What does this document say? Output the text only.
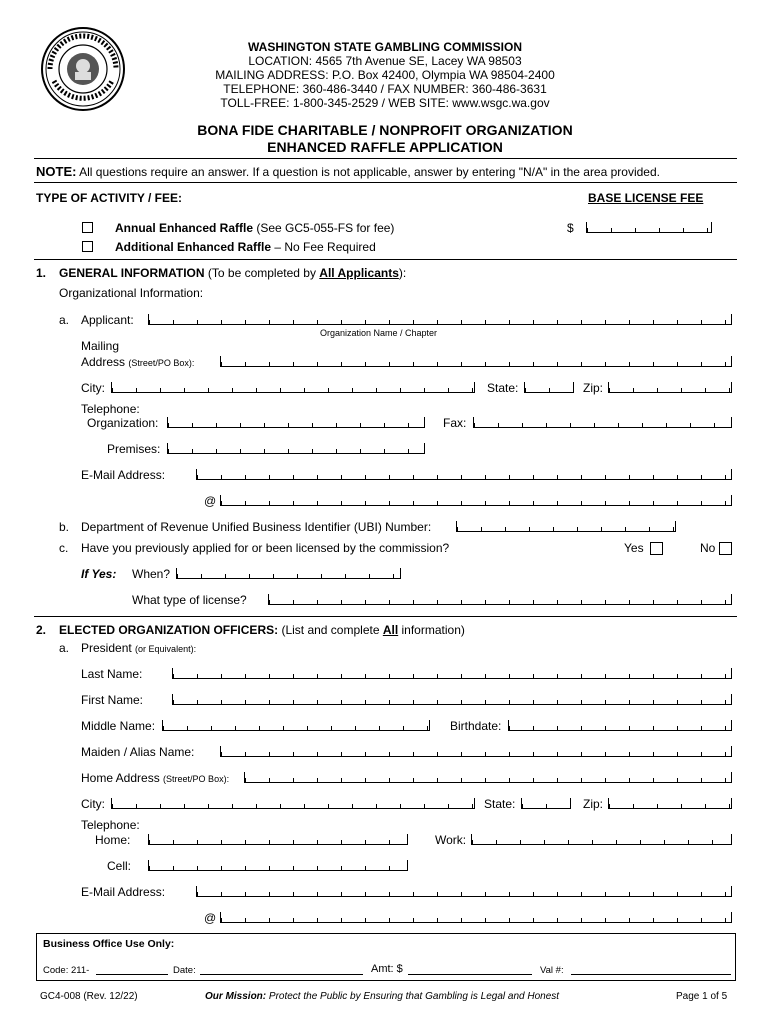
WASHINGTON STATE GAMBLING COMMISSION
LOCATION: 4565 7th Avenue SE, Lacey WA 98503
MAILING ADDRESS: P.O. Box 42400, Olympia WA 98504-2400
TELEPHONE: 360-486-3440 / FAX NUMBER: 360-486-3631
TOLL-FREE: 1-800-345-2529 / WEB SITE: www.wsgc.wa.gov
BONA FIDE CHARITABLE / NONPROFIT ORGANIZATION
ENHANCED RAFFLE APPLICATION
NOTE: All questions require an answer. If a question is not applicable, answer by entering "N/A" in the area provided.
TYPE OF ACTIVITY / FEE:	BASE LICENSE FEE
Annual Enhanced Raffle (See GC5-055-FS for fee)	$
Additional Enhanced Raffle – No Fee Required
1. GENERAL INFORMATION (To be completed by All Applicants):
Organizational Information:
a. Applicant:
Organization Name / Chapter
Mailing
Address (Street/PO Box):
City:	State:	Zip:
Telephone:
Organization:	Fax:
Premises:
E-Mail Address:
@
b. Department of Revenue Unified Business Identifier (UBI) Number:
c. Have you previously applied for or been licensed by the commission?	Yes	No
If Yes: When?
What type of license?
2. ELECTED ORGANIZATION OFFICERS: (List and complete All information)
a. President (or Equivalent):
Last Name:
First Name:
Middle Name:	Birthdate:
Maiden / Alias Name:
Home Address (Street/PO Box):
City:	State:	Zip:
Telephone:
Home:	Work:
Cell:
E-Mail Address:
@
Business Office Use Only:
Code: 211-	Date:	Amt: $	Val #:
GC4-008 (Rev. 12/22)	Our Mission: Protect the Public by Ensuring that Gambling is Legal and Honest	Page 1 of 5
